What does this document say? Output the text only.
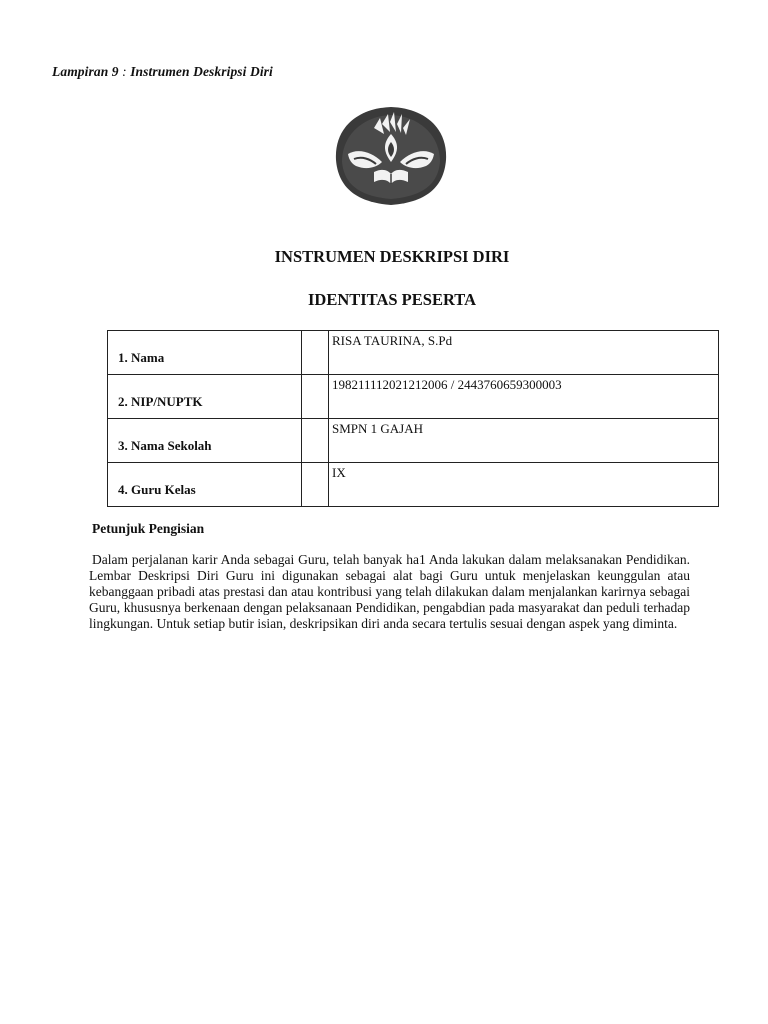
Lampiran 9 : Instrumen Deskripsi Diri
INSTRUMEN DESKRIPSI DIRI
IDENTITAS PESERTA
1. Nama		RISA TAURINA, S.Pd
2. NIP/NUPTK		198211112021212006 / 2443760659300003
3. Nama Sekolah		SMPN 1 GAJAH
4. Guru Kelas		IX
Petunjuk Pengisian
Dalam perjalanan karir Anda sebagai Guru, telah banyak ha1 Anda lakukan dalam melaksanakan Pendidikan. Lembar Deskripsi Diri Guru ini digunakan sebagai alat bagi Guru untuk menjelaskan keunggulan atau kebanggaan pribadi atas prestasi dan atau kontribusi yang telah dilakukan dalam menjalankan karirnya sebagai Guru, khususnya berkenaan dengan pelaksanaan Pendidikan, pengabdian pada masyarakat dan peduli terhadap lingkungan. Untuk setiap butir isian, deskripsikan diri anda secara tertulis sesuai dengan aspek yang diminta.
